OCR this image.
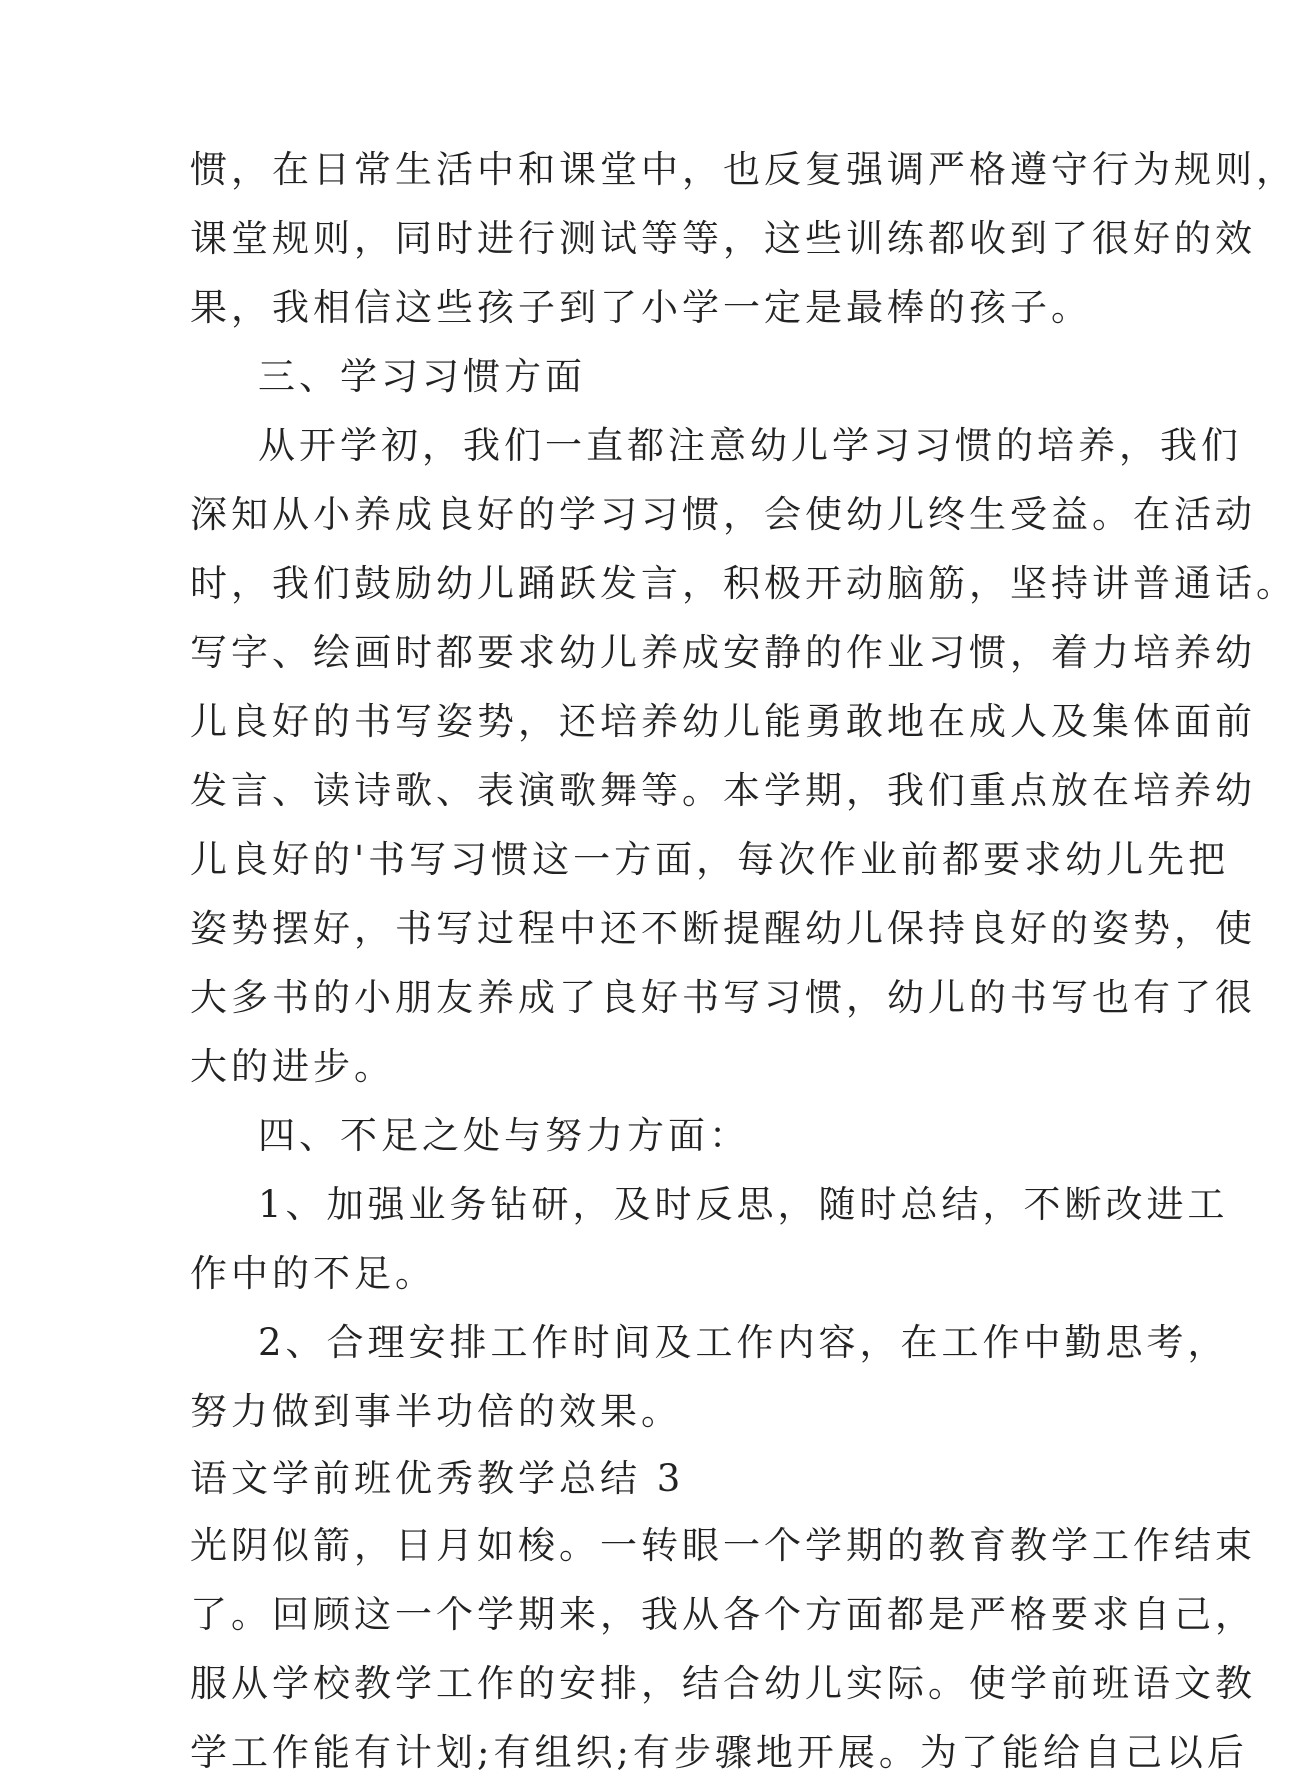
惯，在日常生活中和课堂中，也反复强调严格遵守行为规则，
课堂规则，同时进行测试等等，这些训练都收到了很好的效
果，我相信这些孩子到了小学一定是最棒的孩子。
三、学习习惯方面
从开学初，我们一直都注意幼儿学习习惯的培养，我们
深知从小养成良好的学习习惯，会使幼儿终生受益。在活动
时，我们鼓励幼儿踊跃发言，积极开动脑筋，坚持讲普通话。
写字、绘画时都要求幼儿养成安静的作业习惯，着力培养幼
儿良好的书写姿势，还培养幼儿能勇敢地在成人及集体面前
发言、读诗歌、表演歌舞等。本学期，我们重点放在培养幼
儿良好的'书写习惯这一方面，每次作业前都要求幼儿先把
姿势摆好，书写过程中还不断提醒幼儿保持良好的姿势，使
大多书的小朋友养成了良好书写习惯，幼儿的书写也有了很
大的进步。
四、不足之处与努力方面：
1、加强业务钻研，及时反思，随时总结，不断改进工
作中的不足。
2、合理安排工作时间及工作内容，在工作中勤思考，
努力做到事半功倍的效果。
语文学前班优秀教学总结 3
光阴似箭，日月如梭。一转眼一个学期的教育教学工作结束
了。回顾这一个学期来，我从各个方面都是严格要求自己，
服从学校教学工作的安排，结合幼儿实际。使学前班语文教
学工作能有计划;有组织;有步骤地开展。为了能给自己以后
